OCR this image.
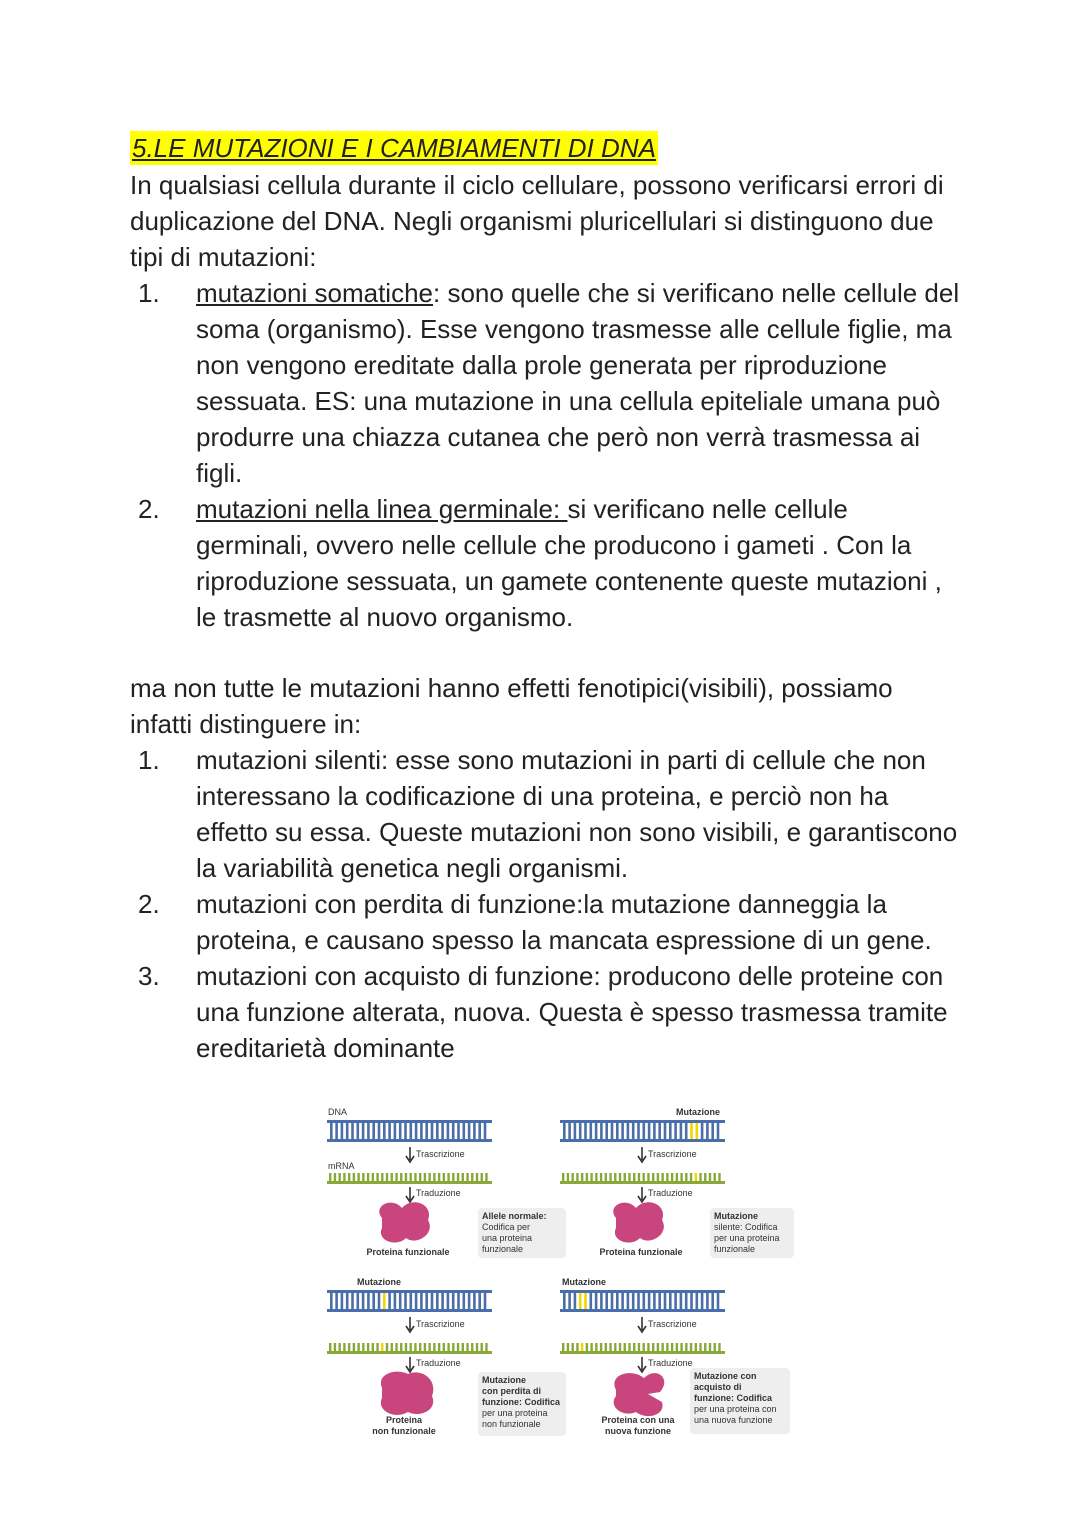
5.LE MUTAZIONI E I CAMBIAMENTI DI DNA
In qualsiasi cellula durante il ciclo cellulare, possono verificarsi errori di duplicazione del DNA. Negli organismi pluricellulari si distinguono due tipi di mutazioni:
1. mutazioni somatiche: sono quelle che si verificano nelle cellule del soma (organismo). Esse vengono trasmesse alle cellule figlie, ma non vengono ereditate dalla prole generata per riproduzione sessuata. ES: una mutazione in una cellula epiteliale umana può produrre una chiazza cutanea che però non verrà trasmessa ai figli.
2. mutazioni nella linea germinale: si verificano nelle cellule germinali, ovvero nelle cellule che producono i gameti . Con la riproduzione sessuata, un gamete contenente queste mutazioni , le trasmette al nuovo organismo.
ma non tutte le mutazioni hanno effetti fenotipici(visibili), possiamo infatti distinguere in:
1. mutazioni silenti: esse sono mutazioni in parti di cellule che non interessano la codificazione di una proteina, e perciò non ha effetto su essa. Queste mutazioni non sono visibili, e garantiscono la variabilità genetica negli organismi.
2. mutazioni con perdita di funzione:la mutazione danneggia la proteina, e causano spesso la mancata espressione di un gene.
3. mutazioni con acquisto di funzione: producono delle proteine con una funzione alterata, nuova. Questa è spesso trasmessa tramite ereditarietà dominante
DNA
Trascrizione
mRNA
Traduzione
Proteina funzionale
Allele normale:
Codifica per
una proteina
funzionale
Mutazione
Trascrizione
Traduzione
Proteina funzionale
Mutazione
silente: Codifica
per una proteina
funzionale
Mutazione
Trascrizione
Traduzione
Proteina
non funzionale
Mutazione
con perdita di
funzione: Codifica
per una proteina
non funzionale
Mutazione
Trascrizione
Traduzione
Proteina con una
nuova funzione
Mutazione con
acquisto di
funzione: Codifica
per una proteina con
una nuova funzione
